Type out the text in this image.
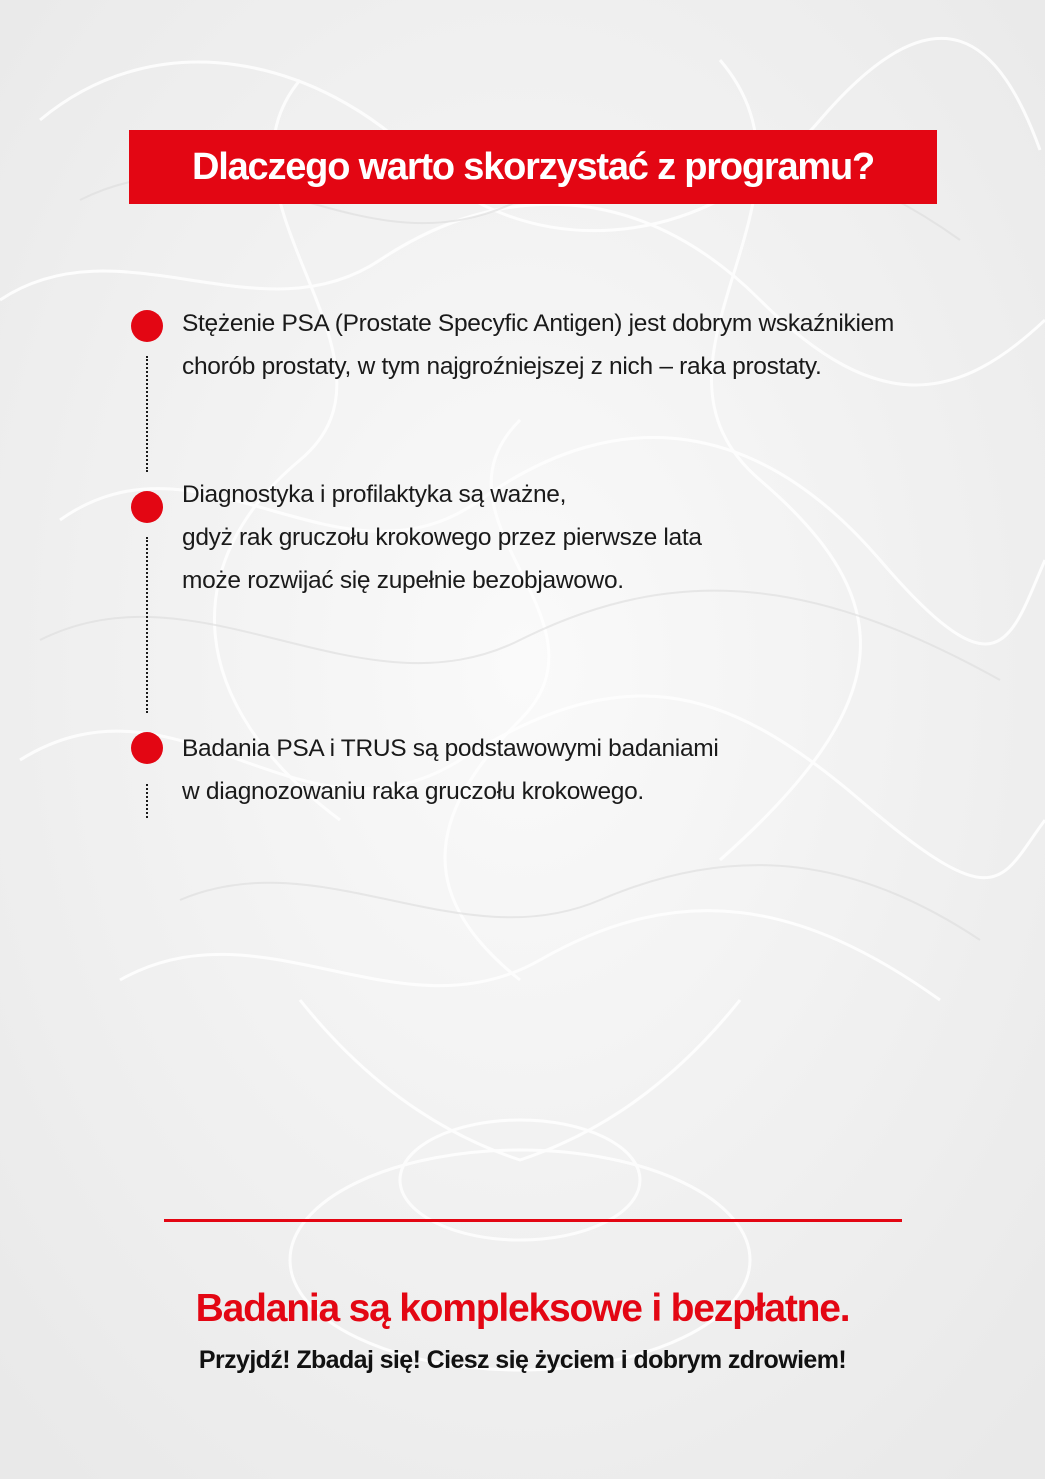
Dlaczego warto skorzystać z programu?
Stężenie PSA (Prostate Specyfic Antigen) jest dobrym wskaźnikiem
chorób prostaty, w tym najgroźniejszej z nich – raka prostaty.
Diagnostyka i profilaktyka są ważne,
gdyż rak gruczołu krokowego przez pierwsze lata
może rozwijać się zupełnie bezobjawowo.
Badania PSA i TRUS są podstawowymi badaniami
w diagnozowaniu raka gruczołu krokowego.
Badania są kompleksowe i bezpłatne.

Przyjdź! Zbadaj się! Ciesz się życiem i dobrym zdrowiem!
